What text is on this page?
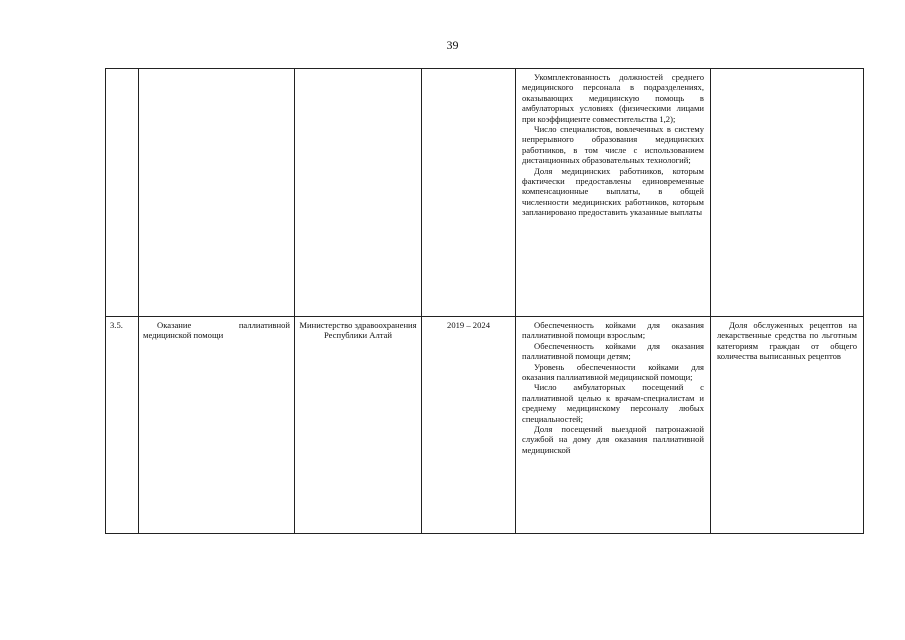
39

				Укомплектованность должностей среднего медицинского персонала в подразделениях, оказывающих медицинскую помощь в амбулаторных условиях (физическими лицами при коэффициенте совместительства 1,2);

Число специалистов, вовлеченных в систему непрерывного образования медицинских работников, в том числе с использованием дистанционных образовательных технологий;

Доля медицинских работников, которым фактически предоставлены единовременные компенсационные выплаты, в общей численности медицинских работников, которым запланировано предоставить указанные выплаты	

3.5.	Оказание паллиативной медицинской помощи	Министерство здравоохранения Республики Алтай	2019 – 2024	Обеспеченность койками для оказания паллиативной помощи взрослым;

Обеспеченность койками для оказания паллиативной помощи детям;

Уровень обеспеченности койками для оказания паллиативной медицинской помощи;

Число амбулаторных посещений с паллиативной целью к врачам-специалистам и среднему медицинскому персоналу любых специальностей;

Доля посещений выездной патронажной службой на дому для оказания паллиативной медицинской	Доля обслуженных рецептов на лекарственные средства по льготным категориям граждан от общего количества выписанных рецептов
